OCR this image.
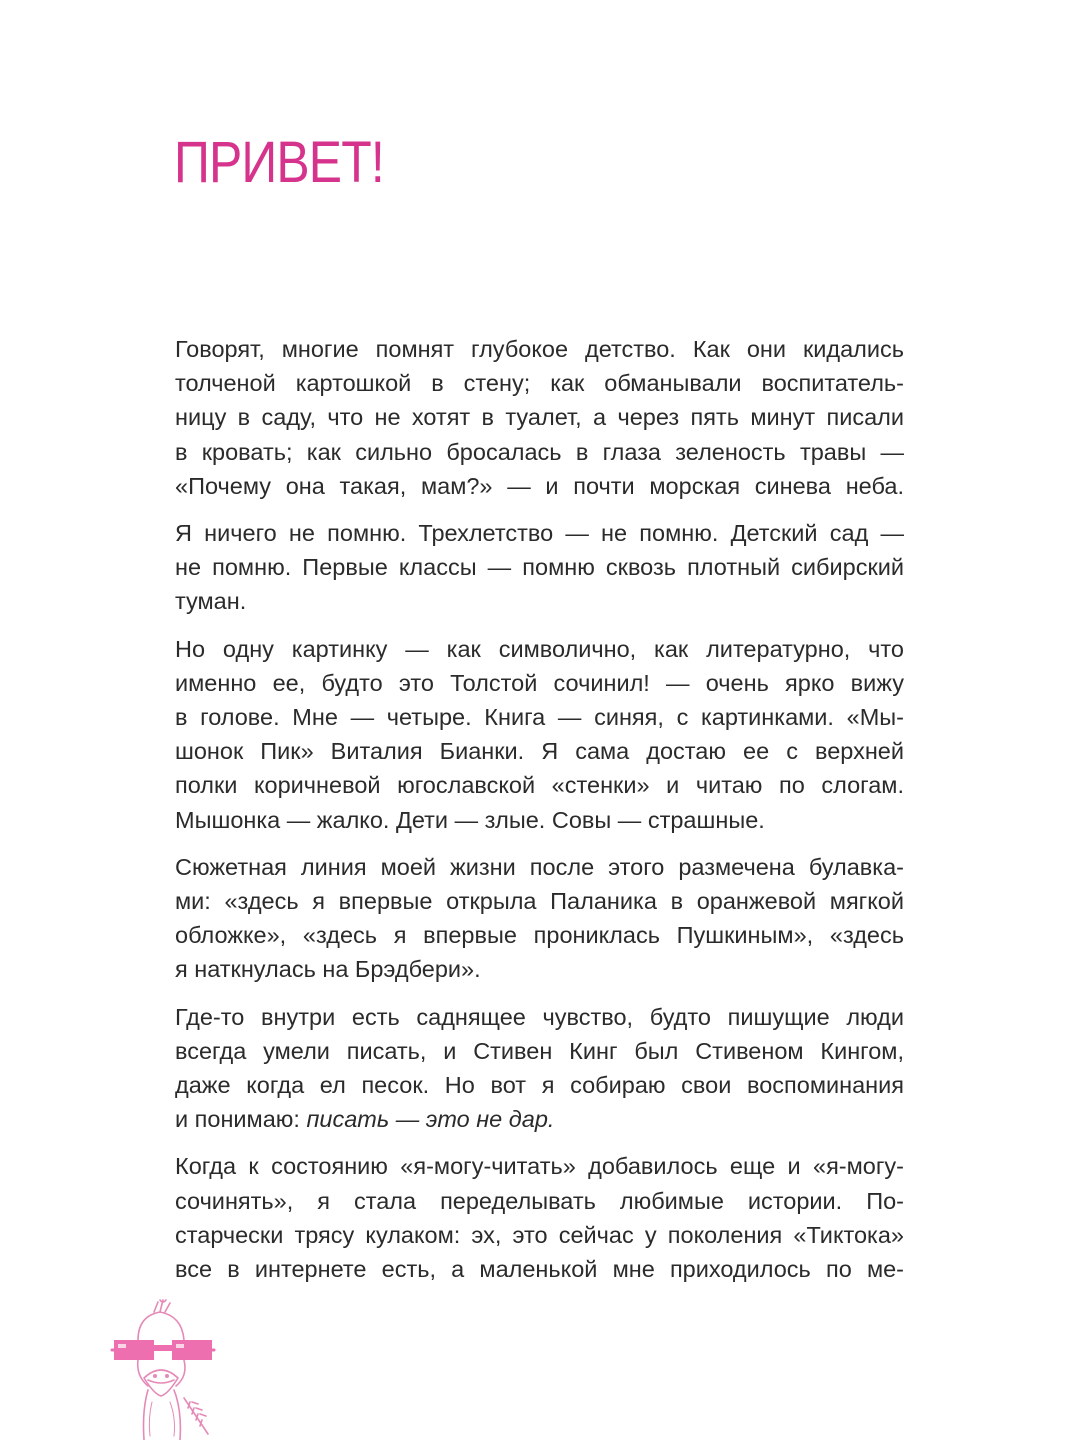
ПРИВЕТ!

Говорят, многие помнят глубокое детство. Как они кидались
толченой картошкой в стену; как обманывали воспитатель-
ницу в саду, что не хотят в туалет, а через пять минут писали
в кровать; как сильно бросалась в глаза зеленость травы —
«Почему она такая, мам?» — и почти морская синева неба.

Я ничего не помню. Трехлетство — не помню. Детский сад —
не помню. Первые классы — помню сквозь плотный сибирский
туман.

Но одну картинку — как символично, как литературно, что
именно ее, будто это Толстой сочинил! — очень ярко вижу
в голове. Мне — четыре. Книга — синяя, с картинками. «Мы-
шонок Пик» Виталия Бианки. Я сама достаю ее с верхней
полки коричневой югославской «стенки» и читаю по слогам.
Мышонка — жалко. Дети — злые. Совы — страшные.

Сюжетная линия моей жизни после этого размечена булавка-
ми: «здесь я впервые открыла Паланика в оранжевой мягкой
обложке», «здесь я впервые прониклась Пушкиным», «здесь
я наткнулась на Брэдбери».

Где-то внутри есть саднящее чувство, будто пишущие люди
всегда умели писать, и Стивен Кинг был Стивеном Кингом,
даже когда ел песок. Но вот я собираю свои воспоминания
и понимаю: писать — это не дар.

Когда к состоянию «я-могу-читать» добавилось еще и «я-могу-
сочинять», я стала переделывать любимые истории. По-
старчески трясу кулаком: эх, это сейчас у поколения «Тиктока»
все в интернете есть, а маленькой мне приходилось по ме-
